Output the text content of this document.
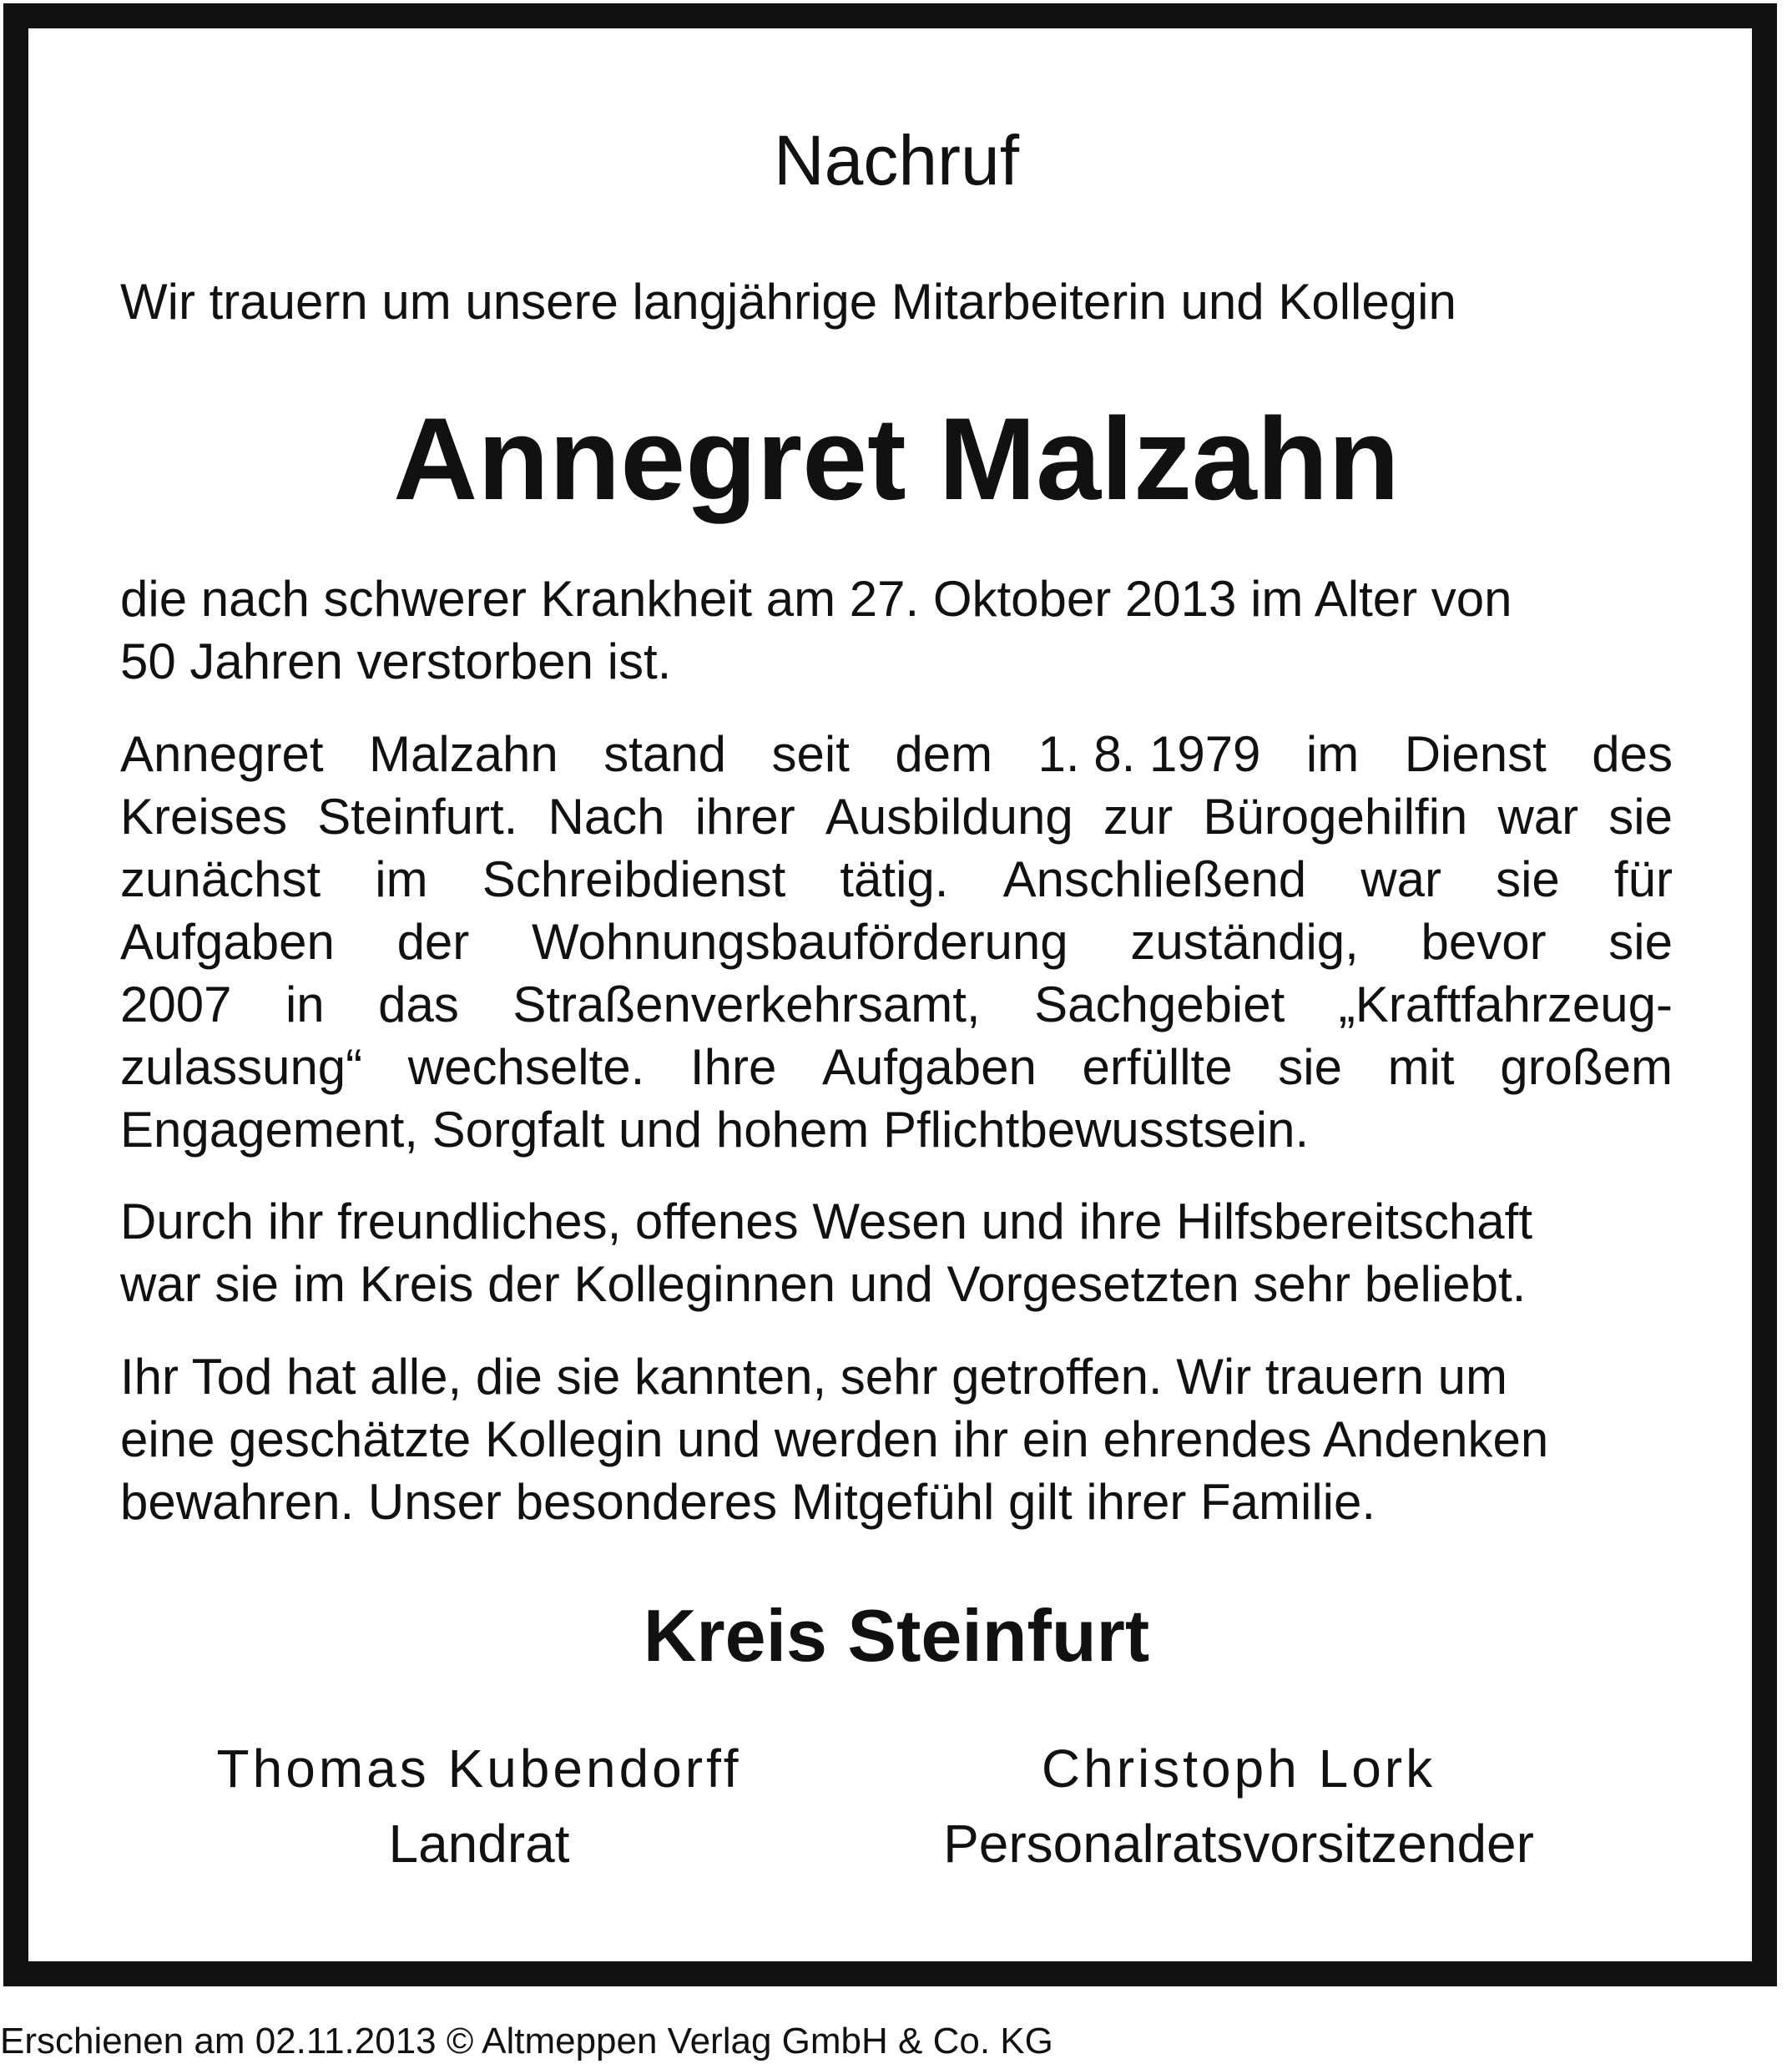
Nachruf
Wir trauern um unsere langjährige Mitarbeiterin und Kollegin
Annegret Malzahn
die nach schwerer Krankheit am 27. Oktober 2013 im Alter von
50 Jahren verstorben ist.
Annegret Malzahn stand seit dem 1. 8. 1979 im Dienst des
Kreises Steinfurt. Nach ihrer Ausbildung zur Bürogehilfin war sie
zunächst im Schreibdienst tätig. Anschließend war sie für
Aufgaben der Wohnungsbauförderung zuständig, bevor sie
2007 in das Straßenverkehrsamt, Sachgebiet „Kraftfahrzeug-
zulassung“ wechselte. Ihre Aufgaben erfüllte sie mit großem
Engagement, Sorgfalt und hohem Pflichtbewusstsein.
Durch ihr freundliches, offenes Wesen und ihre Hilfsbereitschaft
war sie im Kreis der Kolleginnen und Vorgesetzten sehr beliebt.
Ihr Tod hat alle, die sie kannten, sehr getroffen. Wir trauern um
eine geschätzte Kollegin und werden ihr ein ehrendes Andenken
bewahren. Unser besonderes Mitgefühl gilt ihrer Familie.
Kreis Steinfurt
Thomas Kubendorff
Landrat
Christoph Lork
Personalratsvorsitzender
Erschienen am 02.11.2013 © Altmeppen Verlag GmbH & Co. KG
